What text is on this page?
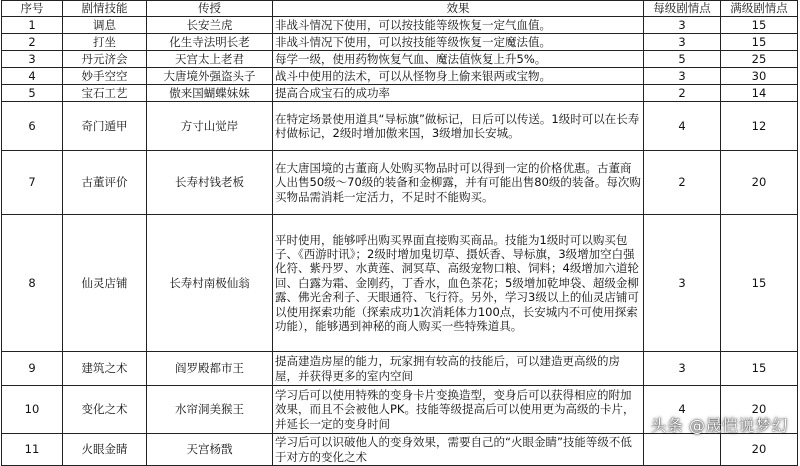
序号	剧情技能	传授	效果	每级剧情点	满级剧情点
1	调息	长安兰虎	非战斗情况下使用，可以按技能等级恢复一定气血值。	3	15
2	打坐	化生寺法明长老	非战斗情况下使用，可以按技能等级恢复一定魔法值。	3	15
3	丹元济会	天宫太上老君	每学一级，使用药物恢复气血、魔法值恢复上升5%。	5	25
4	妙手空空	大唐境外强盗头子	战斗中使用的法术，可以从怪物身上偷来银两或宝物。	3	30
5	宝石工艺	傲来国蝴蝶妹妹	提高合成宝石的成功率	2	14
6	奇门遁甲	方寸山觉岸	在特定场景使用道具“导标旗”做标记，日后可以传送。1级时可以在长寿村做标记，2级时增加傲来国，3级增加长安城。	4	12
7	古董评价	长寿村钱老板	在大唐国境的古董商人处购买物品时可以得到一定的价格优惠。古董商人出售50级～70级的装备和金柳露，并有可能出售80级的装备。每次购买物品需消耗一定活力，不足时不能购买。	2	20
8	仙灵店铺	长寿村南极仙翁	平时使用，能够呼出购买界面直接购买商品。技能为1级时可以购买包子、《西游时讯》；2级时增加鬼切草、摄妖香、导标旗，3级增加空白强化符、紫丹罗、水黄莲、洞冥草、高级宠物口粮、饲料；4级增加六道轮回、白露为霜、金刚药，丁香水，血色茶花；5级增加乾坤袋、超级金柳露、佛光舍利子、天眼通符、飞行符。另外，学习3级以上的仙灵店铺可以使用探索功能（探索成功1次消耗体力100点，长安城内不可使用探索功能），能够遇到神秘的商人购买一些特殊道具。	3	15
9	建筑之术	阎罗殿都市王	提高建造房屋的能力，玩家拥有较高的技能后，可以建造更高级的房屋，并获得更多的室内空间	3	15
10	变化之术	水帘洞美猴王	学习后可以使用特殊的变身卡片变换造型，变身后可以获得相应的附加效果，而且不会被他人PK。技能等级提高后可以使用更为高级的卡片，并延长一定的变身时间	4	20
11	火眼金睛	天宫杨戬	学习后可以识破他人的变身效果，需要自己的“火眼金睛”技能等级不低于对方的变化之术		20
头条 @晟恺说梦幻
